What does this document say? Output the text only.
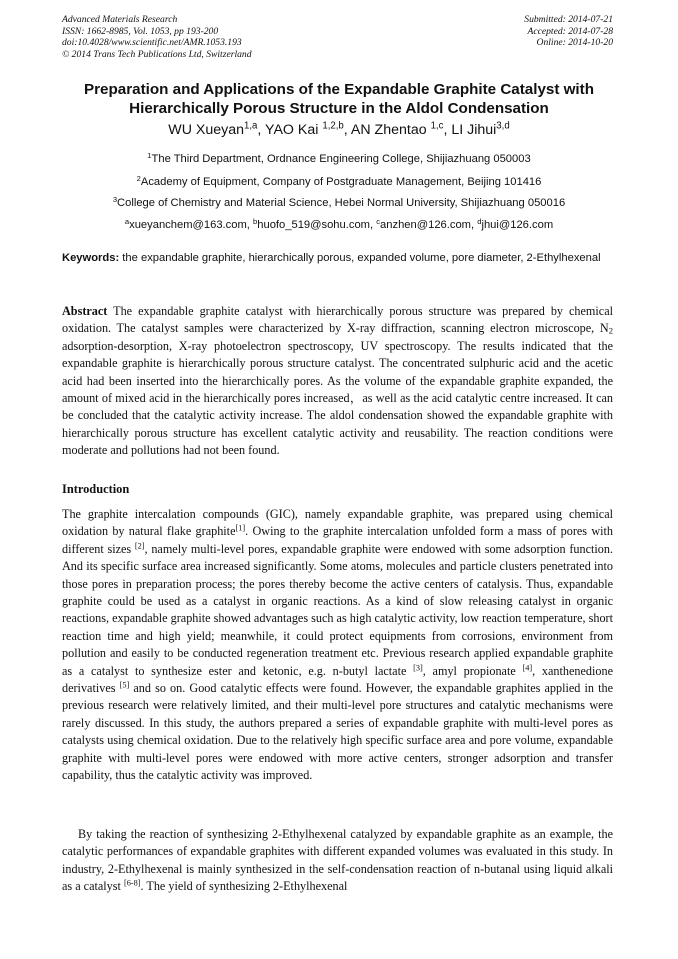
Advanced Materials Research
ISSN: 1662-8985, Vol. 1053, pp 193-200
doi:10.4028/www.scientific.net/AMR.1053.193
© 2014 Trans Tech Publications Ltd, Switzerland
Submitted: 2014-07-21
Accepted: 2014-07-28
Online: 2014-10-20
Preparation and Applications of the Expandable Graphite Catalyst with Hierarchically Porous Structure in the Aldol Condensation
WU Xueyan$^{1,a}$, YAO Kai $^{1,2,b}$, AN Zhentao $^{1,c}$, LI Jihui$^{3,d}$
$^1$The Third Department, Ordnance Engineering College, Shijiazhuang 050003
$^2$Academy of Equipment, Company of Postgraduate Management, Beijing 101416
$^3$College of Chemistry and Material Science, Hebei Normal University, Shijiazhuang 050016
$^a$xueyanchem@163.com, $^b$huofo_519@sohu.com, $^c$anzhen@126.com, $^d$jhui@126.com
Keywords: the expandable graphite, hierarchically porous, expanded volume, pore diameter, 2-Ethylhexenal
Abstract The expandable graphite catalyst with hierarchically porous structure was prepared by chemical oxidation. The catalyst samples were characterized by X-ray diffraction, scanning electron microscope, $N_2$ adsorption-desorption, X-ray photoelectron spectroscopy, UV spectroscopy. The results indicated that the expandable graphite is hierarchically porous structure catalyst. The concentrated sulphuric acid and the acetic acid had been inserted into the hierarchically pores. As the volume of the expandable graphite expanded, the amount of mixed acid in the hierarchically pores increased，as well as the acid catalytic centre increased. It can be concluded that the catalytic activity increase. The aldol condensation showed the expandable graphite with hierarchically porous structure has excellent catalytic activity and reusability. The reaction conditions were moderate and pollutions had not been found.
Introduction
The graphite intercalation compounds (GIC), namely expandable graphite, was prepared using chemical oxidation by natural flake graphite[1]. Owing to the graphite intercalation unfolded form a mass of pores with different sizes [2], namely multi-level pores, expandable graphite were endowed with some adsorption function. And its specific surface area increased significantly. Some atoms, molecules and particle clusters penetrated into those pores in preparation process; the pores thereby become the active centers of catalysis. Thus, expandable graphite could be used as a catalyst in organic reactions. As a kind of slow releasing catalyst in organic reactions, expandable graphite showed advantages such as high catalytic activity, low reaction temperature, short reaction time and high yield; meanwhile, it could protect equipments from corrosions, environment from pollution and easily to be conducted regeneration treatment etc. Previous research applied expandable graphite as a catalyst to synthesize ester and ketonic, e.g. n-butyl lactate [3], amyl propionate [4], xanthenedione derivatives [5] and so on. Good catalytic effects were found. However, the expandable graphites applied in the previous research were relatively limited, and their multi-level pore structures and catalytic mechanisms were rarely discussed. In this study, the authors prepared a series of expandable graphite with multi-level pores as catalysts using chemical oxidation. Due to the relatively high specific surface area and pore volume, expandable graphite with multi-level pores were endowed with more active centers, stronger adsorption and transfer capability, thus the catalytic activity was improved.
By taking the reaction of synthesizing 2-Ethylhexenal catalyzed by expandable graphite as an example, the catalytic performances of expandable graphites with different expanded volumes was evaluated in this study. In industry, 2-Ethylhexenal is mainly synthesized in the self-condensation reaction of n-butanal using liquid alkali as a catalyst [6-8]. The yield of synthesizing 2-Ethylhexenal
